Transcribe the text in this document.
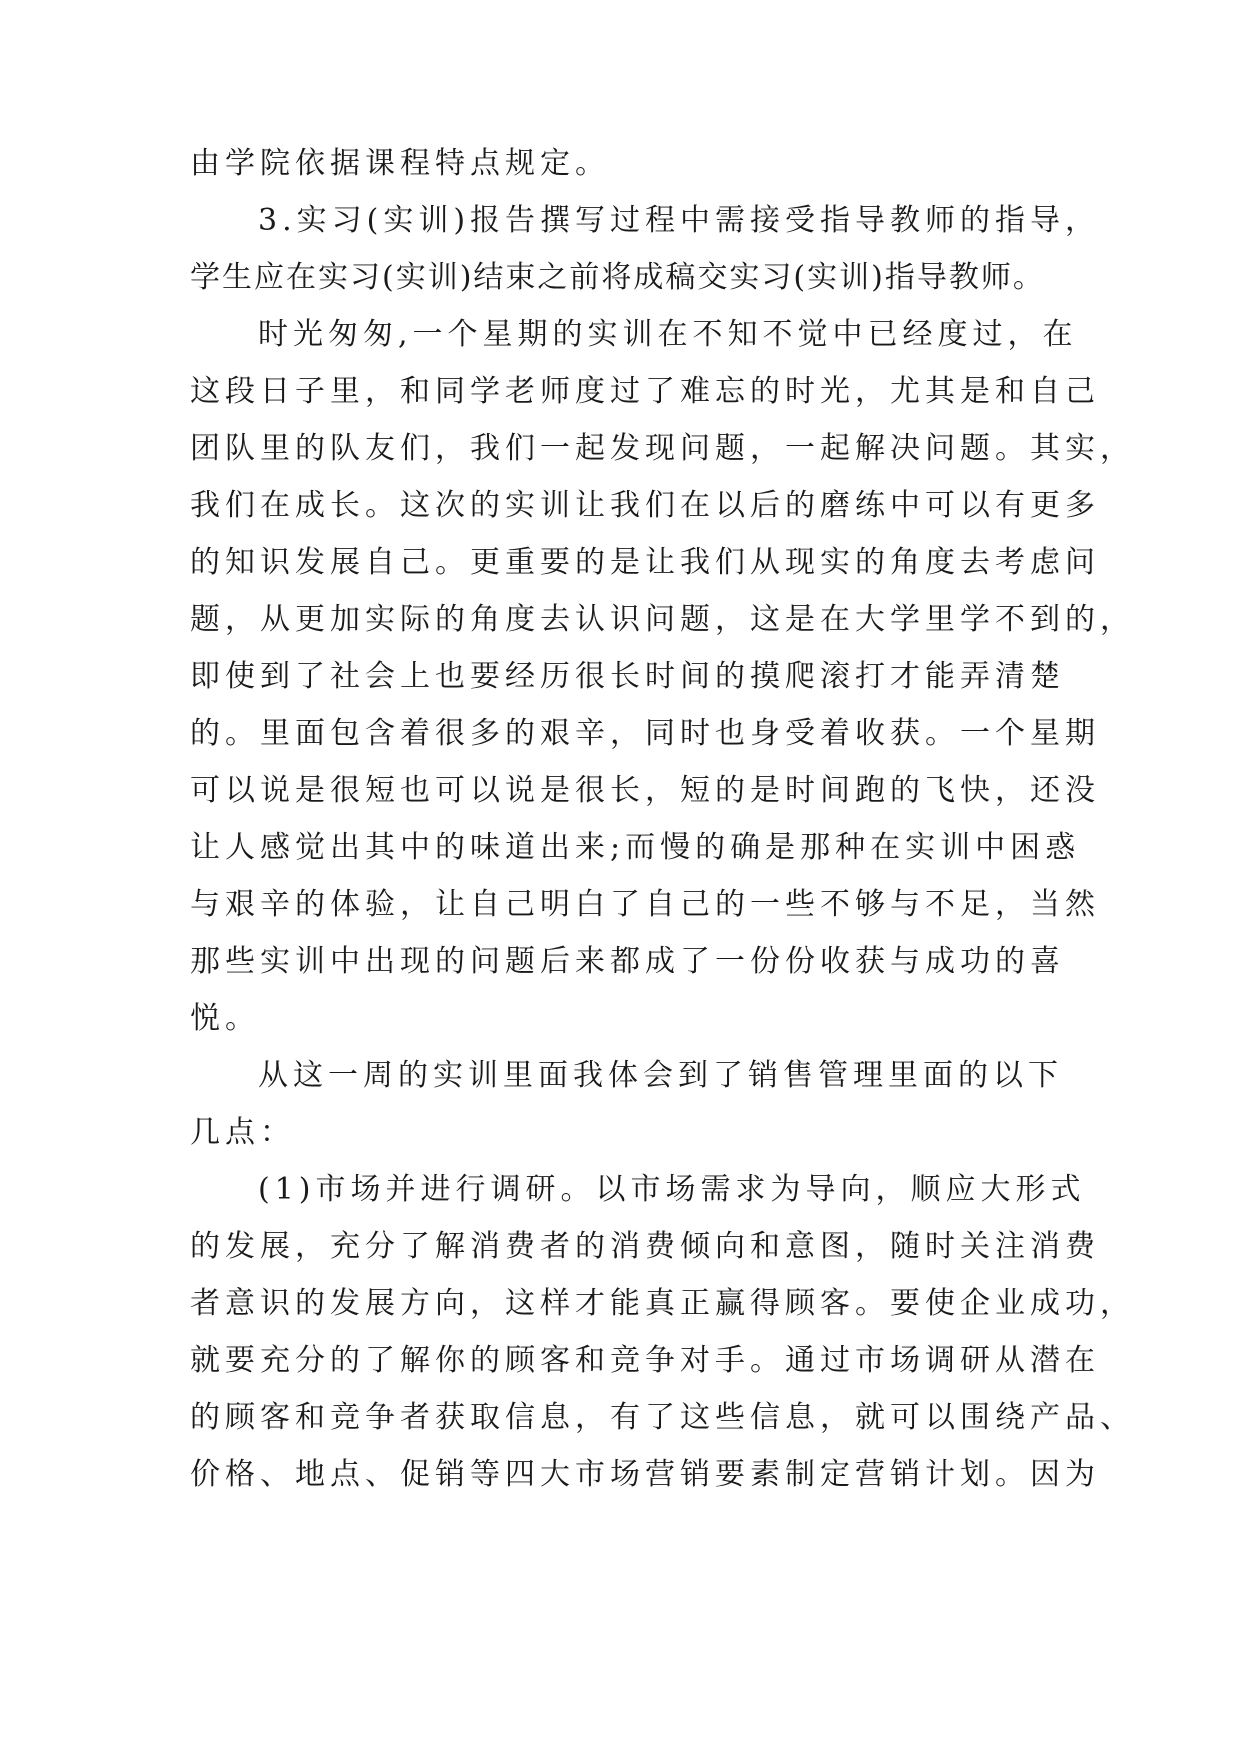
由学院依据课程特点规定。
3.实习(实训)报告撰写过程中需接受指导教师的指导，
学生应在实习(实训)结束之前将成稿交实习(实训)指导教师。
时光匆匆,一个星期的实训在不知不觉中已经度过，在
这段日子里，和同学老师度过了难忘的时光，尤其是和自己
团队里的队友们，我们一起发现问题，一起解决问题。其实，
我们在成长。这次的实训让我们在以后的磨练中可以有更多
的知识发展自己。更重要的是让我们从现实的角度去考虑问
题，从更加实际的角度去认识问题，这是在大学里学不到的，
即使到了社会上也要经历很长时间的摸爬滚打才能弄清楚
的。里面包含着很多的艰辛，同时也身受着收获。一个星期
可以说是很短也可以说是很长，短的是时间跑的飞快，还没
让人感觉出其中的味道出来;而慢的确是那种在实训中困惑
与艰辛的体验，让自己明白了自己的一些不够与不足，当然
那些实训中出现的问题后来都成了一份份收获与成功的喜
悦。
从这一周的实训里面我体会到了销售管理里面的以下
几点：
(1)市场并进行调研。以市场需求为导向，顺应大形式
的发展，充分了解消费者的消费倾向和意图，随时关注消费
者意识的发展方向，这样才能真正赢得顾客。要使企业成功，
就要充分的了解你的顾客和竞争对手。通过市场调研从潜在
的顾客和竞争者获取信息，有了这些信息，就可以围绕产品、
价格、地点、促销等四大市场营销要素制定营销计划。因为
